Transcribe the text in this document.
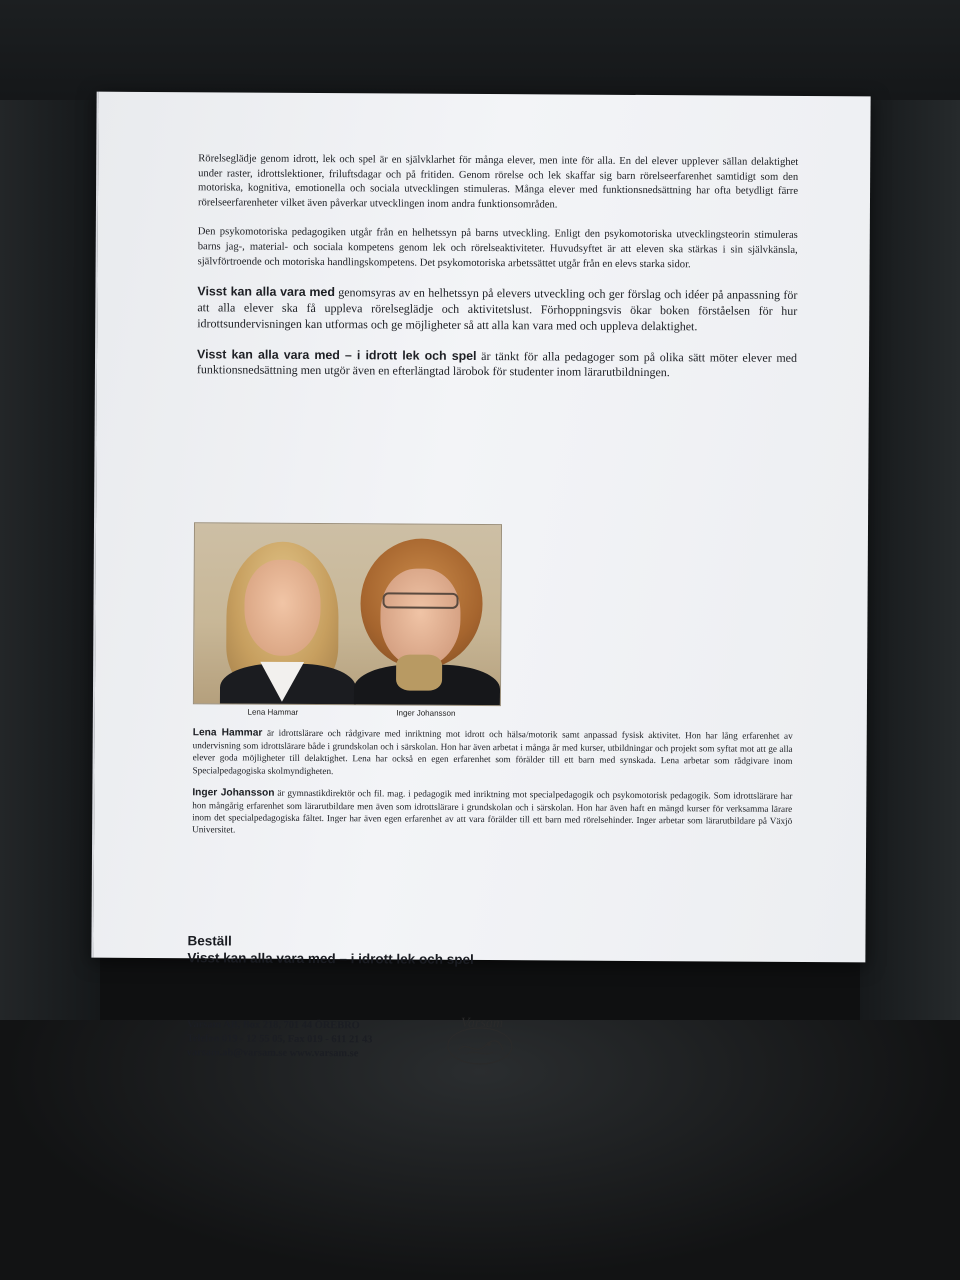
Rörelseglädje genom idrott, lek och spel är en självklarhet för många elever, men inte för alla. En del elever upplever sällan delaktighet under raster, idrottslektioner, friluftsdagar och på fritiden. Genom rörelse och lek skaffar sig barn rörelseerfarenhet samtidigt som den motoriska, kognitiva, emotionella och sociala utvecklingen stimuleras. Många elever med funktionsnedsättning har ofta betydligt färre rörelseerfarenheter vilket även påverkar utvecklingen inom andra funktionsområden.

Den psykomotoriska pedagogiken utgår från en helhetssyn på barns utveckling. Enligt den psykomotoriska utvecklingsteorin stimuleras barns jag-, material- och sociala kompetens genom lek och rörelseaktiviteter. Huvudsyftet är att eleven ska stärkas i sin självkänsla, självförtroende och motoriska handlingskompetens. Det psykomotoriska arbetssättet utgår från en elevs starka sidor.

Visst kan alla vara med genomsyras av en helhetssyn på elevers utveckling och ger förslag och idéer på anpassning för att alla elever ska få uppleva rörelseglädje och aktivitetslust. Förhoppningsvis ökar boken förståelsen för hur idrottsundervisningen kan utformas och ge möjligheter så att alla kan vara med och uppleva delaktighet.

Visst kan alla vara med – i idrott lek och spel är tänkt för alla pedagoger som på olika sätt möter elever med funktionsnedsättning men utgör även en efterlängtad lärobok för studenter inom lärarutbildningen.

Lena Hammar	Inger Johansson

Lena Hammar är idrottslärare och rådgivare med inriktning mot idrott och hälsa/motorik samt anpassad fysisk aktivitet. Hon har lång erfarenhet av undervisning som idrottslärare både i grundskolan och i särskolan. Hon har även arbetat i många år med kurser, utbildningar och projekt som syftat mot att ge alla elever goda möjligheter till delaktighet. Lena har också en egen erfarenhet som förälder till ett barn med synskada. Lena arbetar som rådgivare inom Specialpedagogiska skolmyndigheten.

Inger Johansson är gymnastikdirektör och fil. mag. i pedagogik med inriktning mot specialpedagogik och psykomotorisk pedagogik. Som idrottslärare har hon mångårig erfarenhet som lärarutbildare men även som idrottslärare i grundskolan och i särskolan. Hon har även haft en mängd kurser för verksamma lärare inom det specialpedagogiska fältet. Inger har även egen erfarenhet av att vara förälder till ett barn med rörelsehinder. Inger arbetar som lärarutbildare på Växjö Universitet.

Beställ
Visst kan alla vara med – i idrott lek och spel
Varsam AB, Box 218, 701 44 ÖREBRO
Telefon 019 - 12 55 05, Fax 019 - 611 21 43
varsam.ab@varsam.se www.varsam.se
Varsam
